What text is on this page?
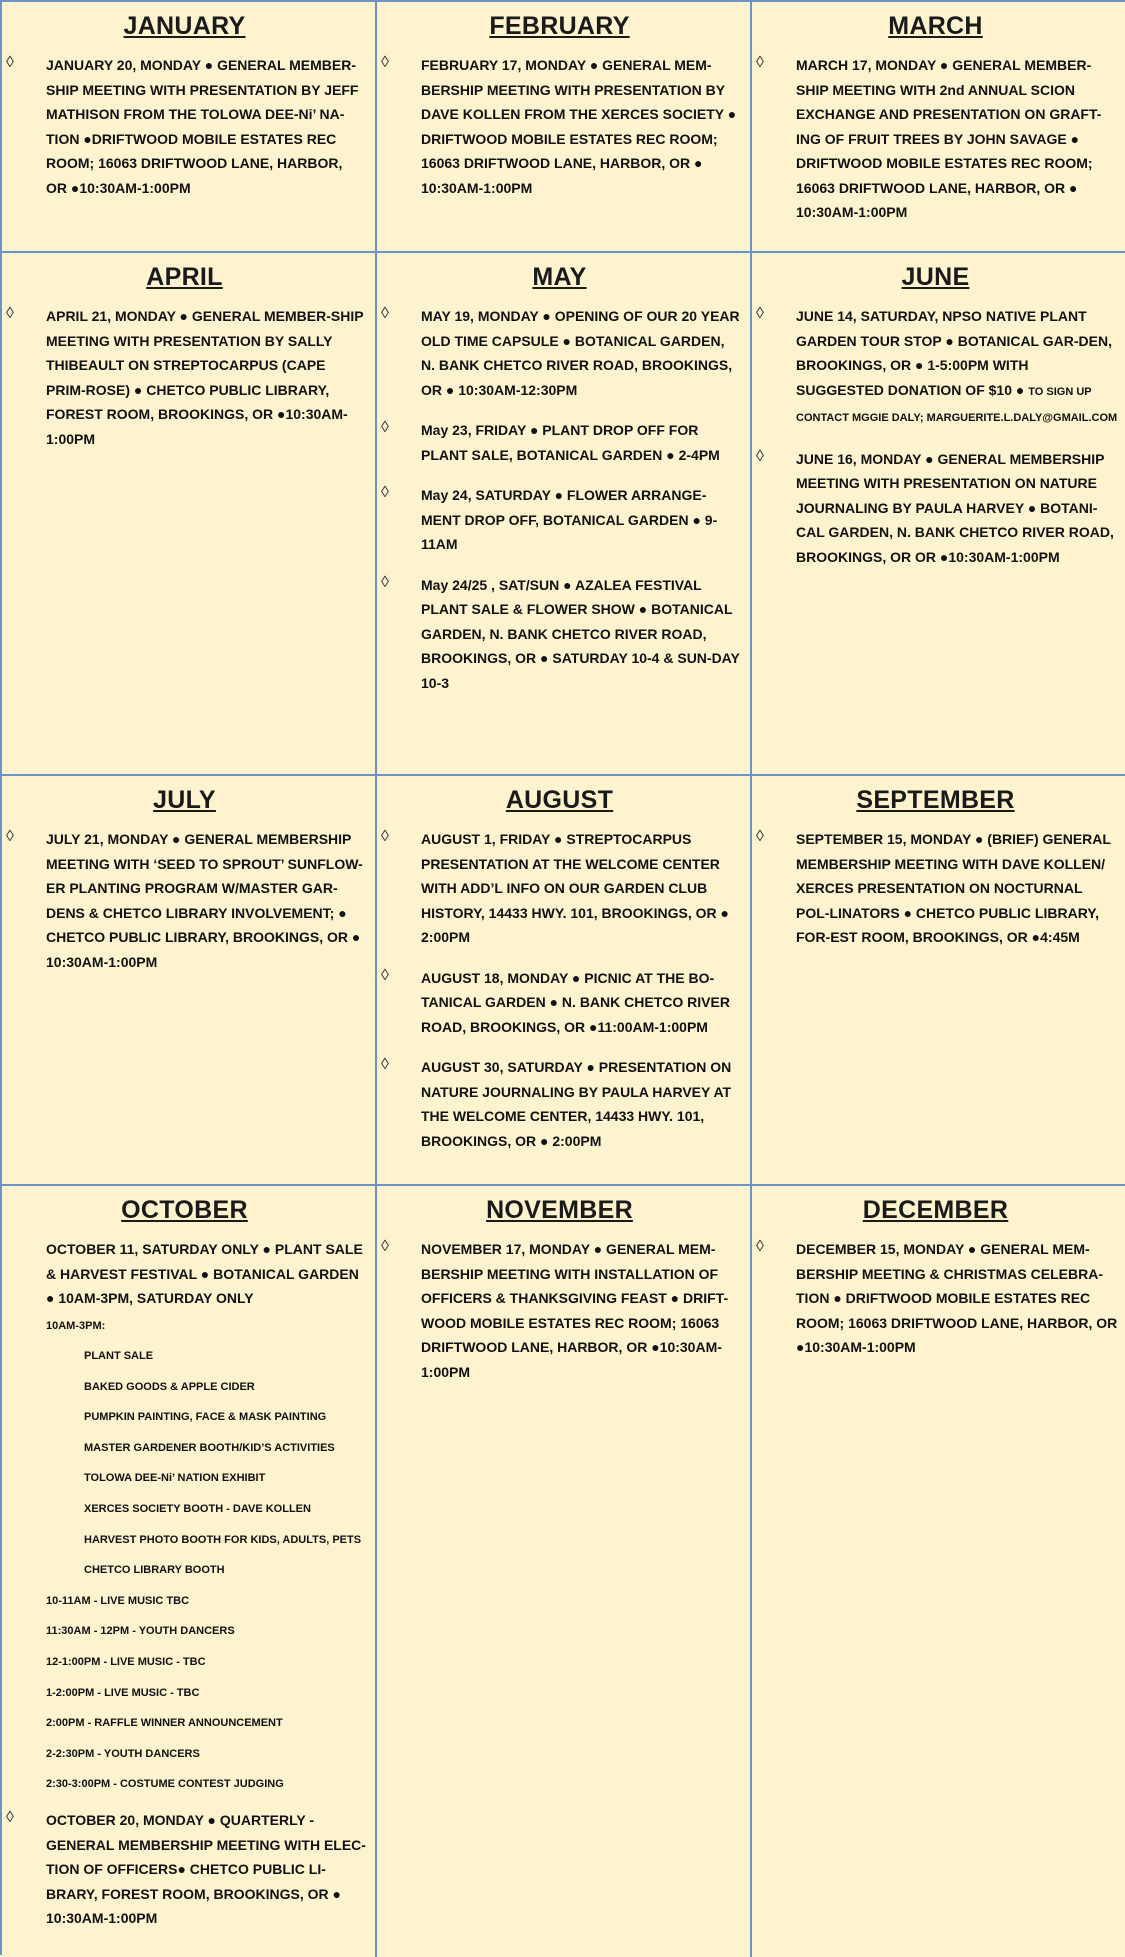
JANUARY
◊ JANUARY 20, MONDAY ● GENERAL MEMBER-SHIP MEETING WITH PRESENTATION BY JEFF MATHISON FROM THE TOLOWA DEE-Ni’ NA-TION ●DRIFTWOOD MOBILE ESTATES REC ROOM; 16063 DRIFTWOOD LANE, HARBOR, OR ●10:30AM-1:00PM
FEBRUARY
◊ FEBRUARY 17, MONDAY ● GENERAL MEM-BERSHIP MEETING WITH PRESENTATION BY DAVE KOLLEN FROM THE XERCES SOCIETY ● DRIFTWOOD MOBILE ESTATES REC ROOM; 16063 DRIFTWOOD LANE, HARBOR, OR ● 10:30AM-1:00PM
MARCH
◊ MARCH 17, MONDAY ● GENERAL MEMBER-SHIP MEETING WITH 2nd ANNUAL SCION EXCHANGE AND PRESENTATION ON GRAFT-ING OF FRUIT TREES BY JOHN SAVAGE ● DRIFTWOOD MOBILE ESTATES REC ROOM; 16063 DRIFTWOOD LANE, HARBOR, OR ● 10:30AM-1:00PM
APRIL
◊ APRIL 21, MONDAY ● GENERAL MEMBER-SHIP MEETING WITH PRESENTATION BY SALLY THIBEAULT ON STREPTOCARPUS (CAPE PRIM-ROSE) ● CHETCO PUBLIC LIBRARY, FOREST ROOM, BROOKINGS, OR ●10:30AM-1:00PM
MAY
◊ MAY 19, MONDAY ● OPENING OF OUR 20 YEAR OLD TIME CAPSULE ● BOTANICAL GARDEN, N. BANK CHETCO RIVER ROAD, BROOKINGS, OR ● 10:30AM-12:30PM
◊ May 23, FRIDAY ● PLANT DROP OFF FOR PLANT SALE, BOTANICAL GARDEN ● 2-4PM
◊ May 24, SATURDAY ● FLOWER ARRANGE-MENT DROP OFF, BOTANICAL GARDEN ● 9-11AM
◊ May 24/25 , SAT/SUN ● AZALEA FESTIVAL PLANT SALE & FLOWER SHOW ● BOTANICAL GARDEN, N. BANK CHETCO RIVER ROAD, BROOKINGS, OR ● SATURDAY 10-4 & SUN-DAY 10-3
JUNE
◊ JUNE 14, SATURDAY, NPSO NATIVE PLANT GARDEN TOUR STOP ● BOTANICAL GAR-DEN, BROOKINGS, OR ● 1-5:00PM WITH SUGGESTED DONATION OF $10 ● TO SIGN UP CONTACT MGGIE DALY; MARGUERITE.L.DALY@GMAIL.COM
◊ JUNE 16, MONDAY ● GENERAL MEMBERSHIP MEETING WITH PRESENTATION ON NATURE JOURNALING BY PAULA HARVEY ● BOTANI-CAL GARDEN, N. BANK CHETCO RIVER ROAD, BROOKINGS, OR OR ●10:30AM-1:00PM
JULY
◊ JULY 21, MONDAY ● GENERAL MEMBERSHIP MEETING WITH ‘SEED TO SPROUT’ SUNFLOW-ER PLANTING PROGRAM W/MASTER GAR-DENS & CHETCO LIBRARY INVOLVEMENT; ● CHETCO PUBLIC LIBRARY, BROOKINGS, OR ● 10:30AM-1:00PM
AUGUST
◊ AUGUST 1, FRIDAY ● STREPTOCARPUS PRESENTATION AT THE WELCOME CENTER WITH ADD’L INFO ON OUR GARDEN CLUB HISTORY, 14433 HWY. 101, BROOKINGS, OR ● 2:00PM
◊ AUGUST 18, MONDAY ● PICNIC AT THE BO-TANICAL GARDEN ● N. BANK CHETCO RIVER ROAD, BROOKINGS, OR ●11:00AM-1:00PM
◊ AUGUST 30, SATURDAY ● PRESENTATION ON NATURE JOURNALING BY PAULA HARVEY AT THE WELCOME CENTER, 14433 HWY. 101, BROOKINGS, OR ● 2:00PM
SEPTEMBER
◊ SEPTEMBER 15, MONDAY ● (BRIEF) GENERAL MEMBERSHIP MEETING WITH DAVE KOLLEN/ XERCES PRESENTATION ON NOCTURNAL POL-LINATORS ● CHETCO PUBLIC LIBRARY, FOR-EST ROOM, BROOKINGS, OR ●4:45M
OCTOBER
OCTOBER 11, SATURDAY ONLY ● PLANT SALE & HARVEST FESTIVAL ● BOTANICAL GARDEN ● 10AM-3PM, SATURDAY ONLY
10AM-3PM:
PLANT SALE
BAKED GOODS & APPLE CIDER
PUMPKIN PAINTING, FACE & MASK PAINTING
MASTER GARDENER BOOTH/KID’S ACTIVITIES
TOLOWA DEE-Ni’ NATION EXHIBIT
XERCES SOCIETY BOOTH - DAVE KOLLEN
HARVEST PHOTO BOOTH FOR KIDS, ADULTS, PETS
CHETCO LIBRARY BOOTH
10-11AM - LIVE MUSIC TBC
11:30AM - 12PM - YOUTH DANCERS
12-1:00PM - LIVE MUSIC - TBC
1-2:00PM - LIVE MUSIC - TBC
2:00PM - RAFFLE WINNER ANNOUNCEMENT
2-2:30PM - YOUTH DANCERS
2:30-3:00PM - COSTUME CONTEST JUDGING
◊ OCTOBER 20, MONDAY ● QUARTERLY - GENERAL MEMBERSHIP MEETING WITH ELEC-TION OF OFFICERS● CHETCO PUBLIC LI-BRARY, FOREST ROOM, BROOKINGS, OR ● 10:30AM-1:00PM
NOVEMBER
◊ NOVEMBER 17, MONDAY ● GENERAL MEM-BERSHIP MEETING WITH INSTALLATION OF OFFICERS & THANKSGIVING FEAST ● DRIFT-WOOD MOBILE ESTATES REC ROOM; 16063 DRIFTWOOD LANE, HARBOR, OR ●10:30AM-1:00PM
DECEMBER
◊ DECEMBER 15, MONDAY ● GENERAL MEM-BERSHIP MEETING & CHRISTMAS CELEBRA-TION ● DRIFTWOOD MOBILE ESTATES REC ROOM; 16063 DRIFTWOOD LANE, HARBOR, OR ●10:30AM-1:00PM
